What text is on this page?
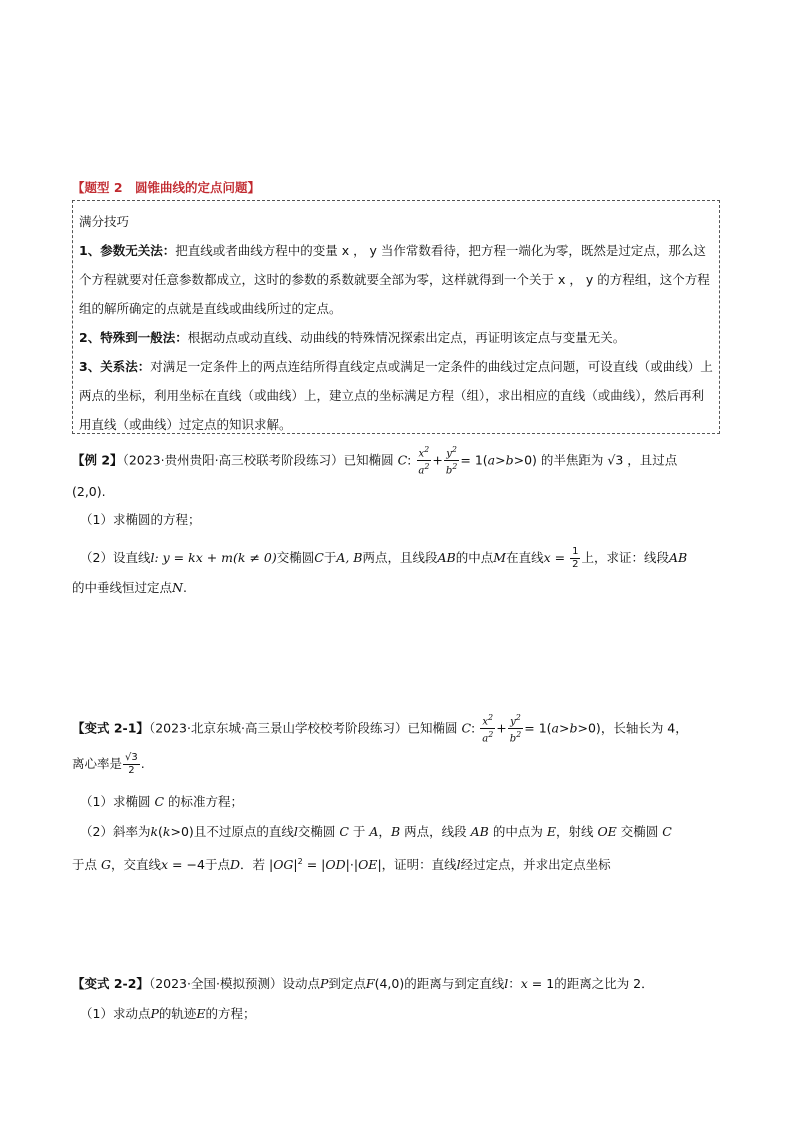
【题型 2　圆锥曲线的定点问题】

满分技巧

1、参数无关法：把直线或者曲线方程中的变量 x ， y 当作常数看待，把方程一端化为零，既然是过定点，那么这个方程就要对任意参数都成立，这时的参数的系数就要全部为零，这样就得到一个关于 x ， y 的方程组，这个方程组的解所确定的点就是直线或曲线所过的定点。

2、特殊到一般法：根据动点或动直线、动曲线的特殊情况探索出定点，再证明该定点与变量无关。

3、关系法：对满足一定条件上的两点连结所得直线定点或满足一定条件的曲线过定点问题，可设直线（或曲线）上两点的坐标，利用坐标在直线（或曲线）上，建立点的坐标满足方程（组），求出相应的直线（或曲线），然后再利用直线（或曲线）过定点的知识求解。

【例 2】（2023·贵州贵阳·高三校联考阶段练习）已知椭圆 C: $\frac{x^2}{a^2} + \frac{y^2}{b^2} = 1(a>b>0)$ 的半焦距为 √3 ，且过点
(2,0).
（1）求椭圆的方程；
（2）设直线l: y = kx + m(k ≠ 0)交椭圆C于A, B两点，且线段AB的中点M在直线$x = \frac{1}{2}$ 上，求证：线段AB
的中垂线恒过定点N.
【变式 2-1】（2023·北京东城·高三景山学校校考阶段练习）已知椭圆 C: $\frac{x^2}{a^2} + \frac{y^2}{b^2} = 1(a>b>0)$，长轴长为 4，
离心率是 $\frac{√3}{2}$ .
（1）求椭圆 C 的标准方程；
（2）斜率为k(k>0)且不过原点的直线l交椭圆 C 于 A，B 两点，线段 AB 的中点为 E，射线 OE 交椭圆 C
于点 G，交直线x = −4于点D．若 $|OG|^2 = |OD|\cdot|OE|$，证明：直线l经过定点，并求出定点坐标
【变式 2-2】（2023·全国·模拟预测）设动点P到定点F(4,0)的距离与到定直线l：x = 1的距离之比为 2．
（1）求动点P的轨迹E的方程；
